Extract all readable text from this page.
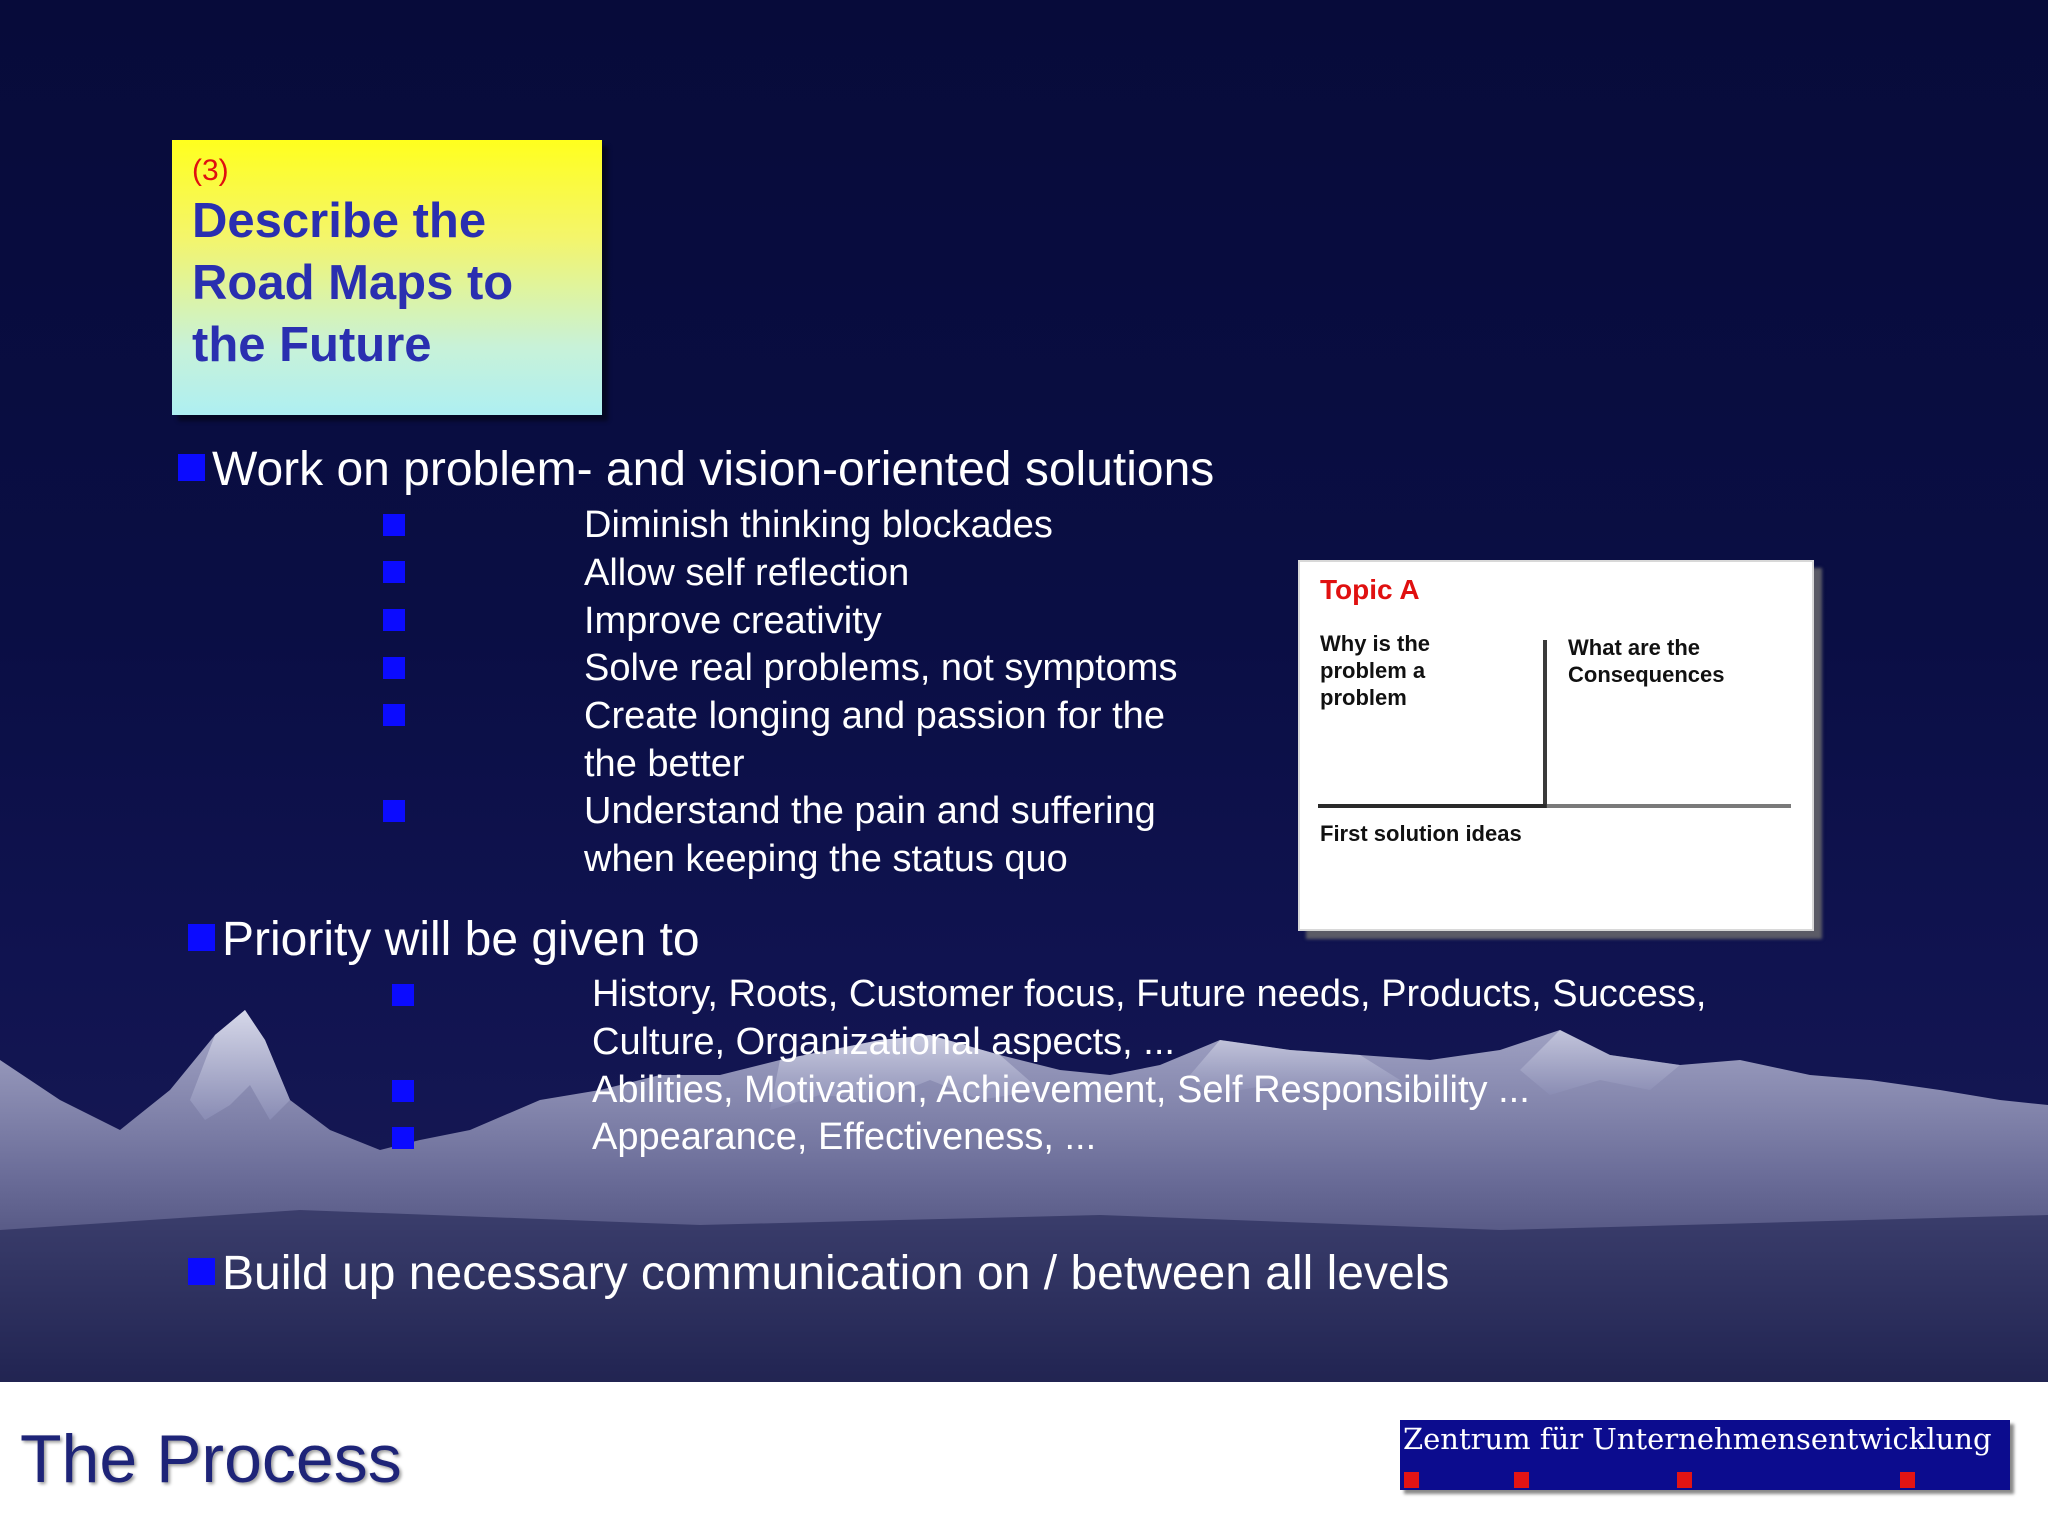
(3)
Describe the
Road Maps to
the Future
Work on problem- and vision-oriented solutions
Diminish thinking blockades
Allow self reflection
Improve creativity
Solve real problems, not symptoms
Create longing and passion for the
the better
Understand the pain and suffering
when keeping the status quo
Topic A
Why is the
problem a
problem
What are the
Consequences
First solution ideas
Priority will be given to
History, Roots, Customer focus, Future needs, Products, Success,
Culture, Organizational aspects, ...
Abilities, Motivation, Achievement, Self Responsibility ...
Appearance, Effectiveness, ...
Build up necessary communication on / between all levels
The Process	Zentrum für Unternehmensentwicklung
